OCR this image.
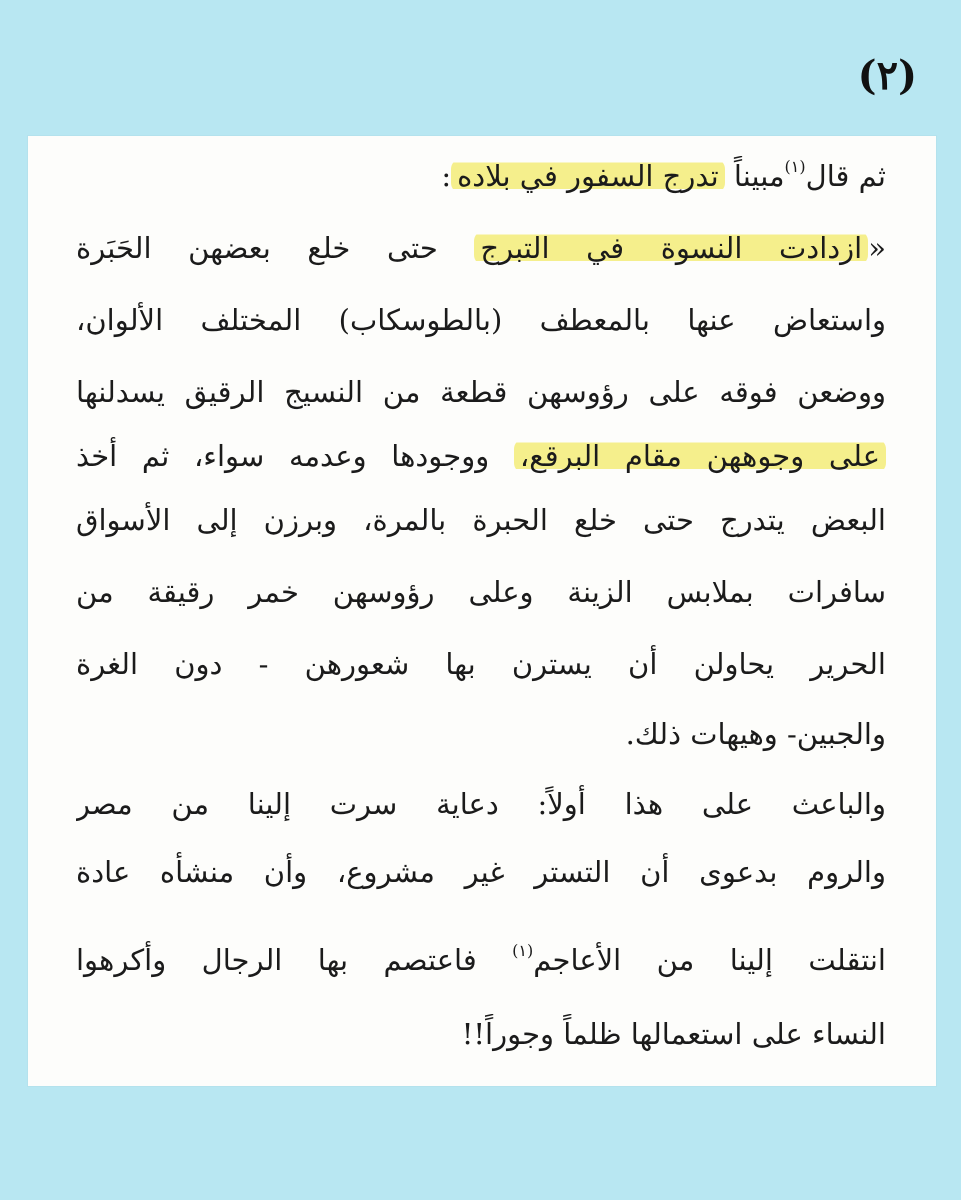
(٢)
ثم قال$^{(١)}$مبيناً تدرج السفور في بلاده:
«ازدادت النسوة في التبرج حتى خلع بعضهن الحَبَرة
واستعاض عنها بالمعطف (بالطوسكاب) المختلف الألوان،
ووضعن فوقه على رؤوسهن قطعة من النسيج الرقيق يسدلنها
على وجوههن مقام البرقع، ووجودها وعدمه سواء، ثم أخذ
البعض يتدرج حتى خلع الحبرة بالمرة، وبرزن إلى الأسواق
سافرات بملابس الزينة وعلى رؤوسهن خمر رقيقة من
الحرير يحاولن أن يسترن بها شعورهن - دون الغرة
والجبين- وهيهات ذلك.
والباعث على هذا أولاً: دعاية سرت إلينا من مصر
والروم بدعوى أن التستر غير مشروع، وأن منشأه عادة
انتقلت إلينا من الأعاجم$^{(١)}$ فاعتصم بها الرجال وأكرهوا
النساء على استعمالها ظلماً وجوراً!!
